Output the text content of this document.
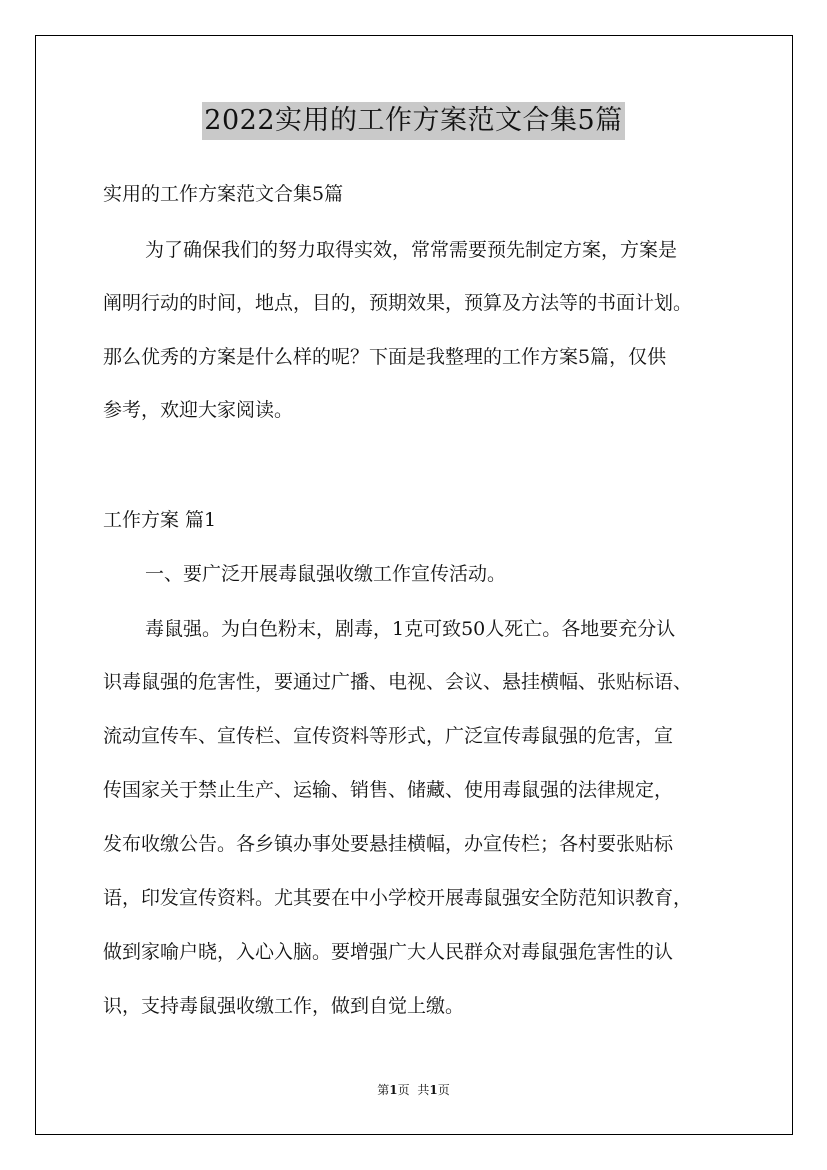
2022实用的工作方案范文合集5篇
实用的工作方案范文合集5篇
为了确保我们的努力取得实效，常常需要预先制定方案，方案是
阐明行动的时间，地点，目的，预期效果，预算及方法等的书面计划。
那么优秀的方案是什么样的呢？下面是我整理的工作方案5篇，仅供
参考，欢迎大家阅读。
工作方案 篇1
一、要广泛开展毒鼠强收缴工作宣传活动。
毒鼠强。为白色粉末，剧毒，1克可致50人死亡。各地要充分认
识毒鼠强的危害性，要通过广播、电视、会议、悬挂横幅、张贴标语、
流动宣传车、宣传栏、宣传资料等形式，广泛宣传毒鼠强的危害，宣
传国家关于禁止生产、运输、销售、储藏、使用毒鼠强的法律规定，
发布收缴公告。各乡镇办事处要悬挂横幅，办宣传栏；各村要张贴标
语，印发宣传资料。尤其要在中小学校开展毒鼠强安全防范知识教育，
做到家喻户晓，入心入脑。要增强广大人民群众对毒鼠强危害性的认
识，支持毒鼠强收缴工作，做到自觉上缴。
第1页 共1页
